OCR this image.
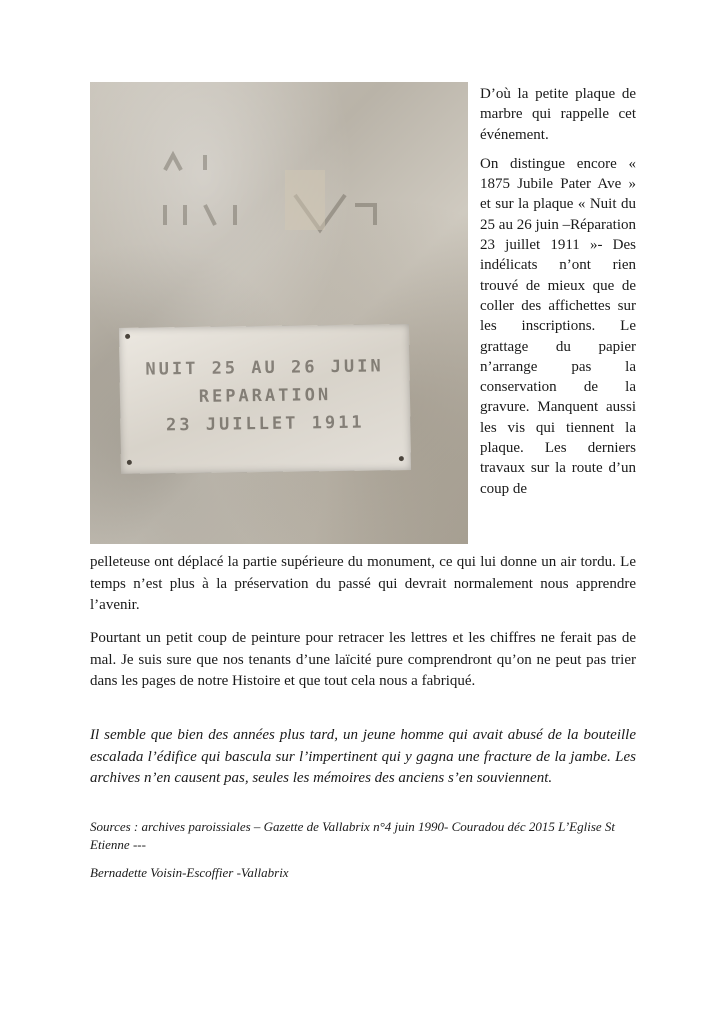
NUIT 25 AU 26 JUIN
REPARATION
23 JUILLET 1911

D’où la petite plaque de marbre qui rappelle cet événement.

On distingue encore « 1875 Jubile Pater Ave » et sur la plaque « Nuit du 25 au 26 juin –Réparation 23 juillet 1911 »- Des indélicats n’ont rien trouvé de mieux que de coller des affichettes sur les inscriptions. Le grattage du papier n’arrange pas la conservation de la gravure. Manquent aussi les vis qui tiennent la plaque. Les derniers travaux sur la route d’un coup de

pelleteuse ont déplacé la partie supérieure du monument, ce qui lui donne un air tordu. Le temps n’est plus à la préservation du passé qui devrait normalement nous apprendre l’avenir.

Pourtant un petit coup de peinture pour retracer les lettres et les chiffres ne ferait pas de mal. Je suis sure que nos tenants d’une laïcité pure comprendront qu’on ne peut pas trier dans les pages de notre Histoire et que tout cela nous a fabriqué.

Il semble que bien des années plus tard, un jeune homme qui avait abusé de la bouteille escalada l’édifice qui bascula sur l’impertinent qui y gagna une fracture de la jambe. Les archives n’en causent pas, seules les mémoires des anciens s’en souviennent.

Sources : archives paroissiales – Gazette de Vallabrix n°4 juin 1990- Couradou déc 2015 L’Eglise St Etienne ---
Bernadette Voisin-Escoffier -Vallabrix
